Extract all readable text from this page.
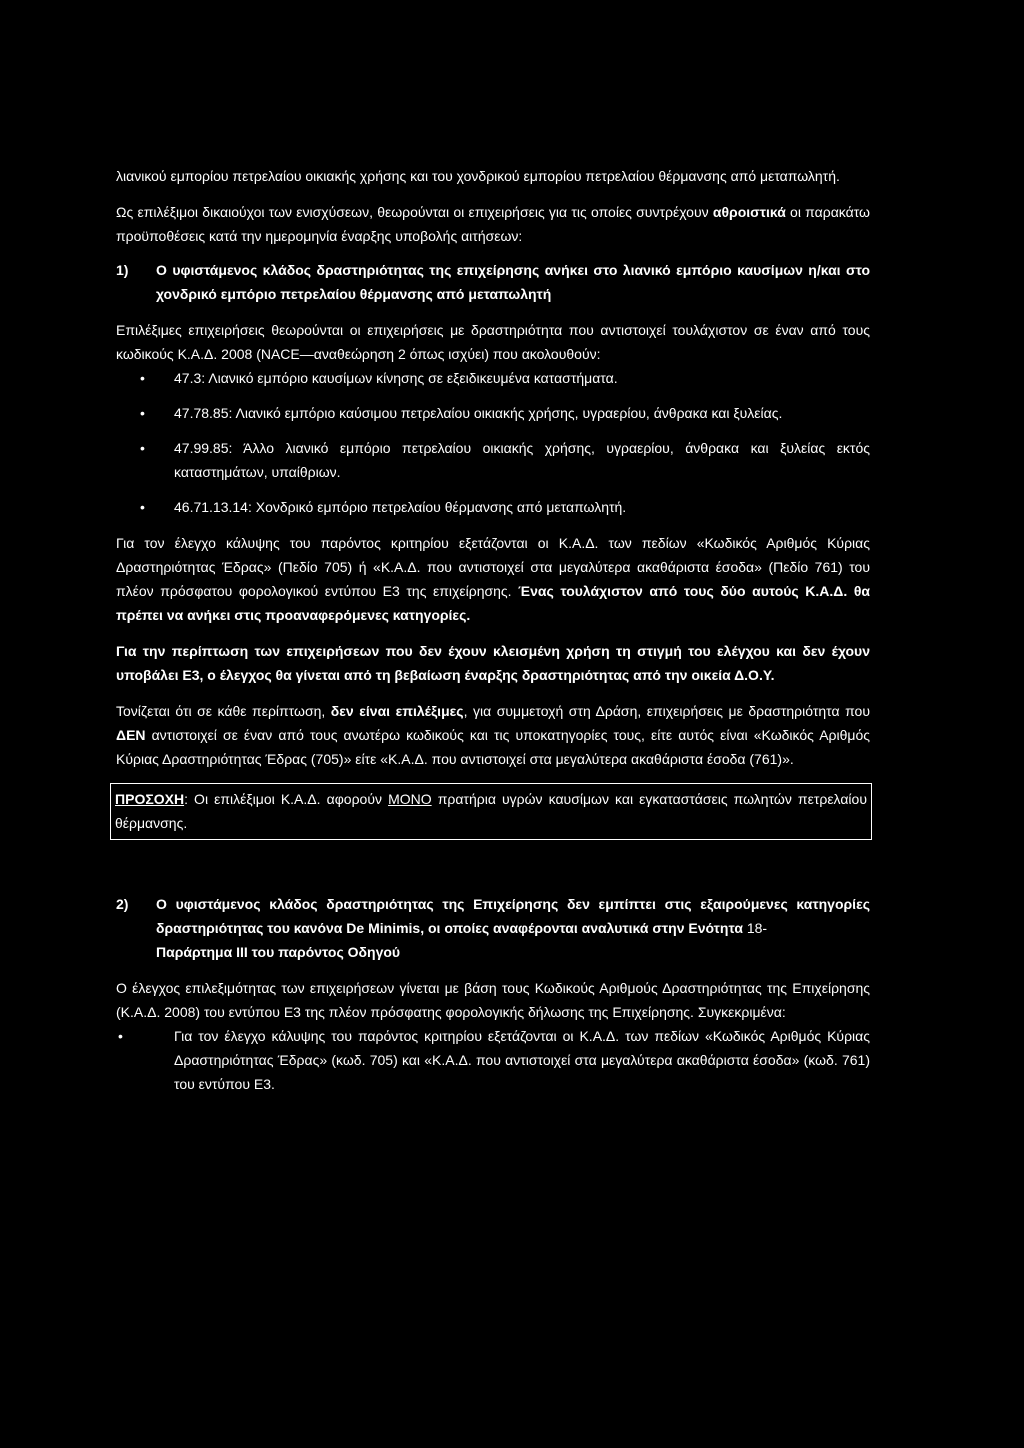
λιανικού εμπορίου πετρελαίου οικιακής χρήσης και του χονδρικού εμπορίου πετρελαίου θέρμανσης από μεταπωλητή.

Ως επιλέξιμοι δικαιούχοι των ενισχύσεων, θεωρούνται οι επιχειρήσεις για τις οποίες συντρέχουν αθροιστικά οι παρακάτω προϋποθέσεις κατά την ημερομηνία έναρξης υποβολής αιτήσεων:

1)	Ο υφιστάμενος κλάδος δραστηριότητας της επιχείρησης ανήκει στο λιανικό εμπόριο καυσίμων η/και στο χονδρικό εμπόριο πετρελαίου θέρμανσης από μεταπωλητή

Επιλέξιμες επιχειρήσεις θεωρούνται οι επιχειρήσεις με δραστηριότητα που αντιστοιχεί τουλάχιστον σε έναν από τους κωδικούς Κ.Α.Δ. 2008 (NACE—αναθεώρηση 2 όπως ισχύει) που ακολουθούν:

• 47.3: Λιανικό εμπόριο καυσίμων κίνησης σε εξειδικευμένα καταστήματα.
• 47.78.85: Λιανικό εμπόριο καύσιμου πετρελαίου οικιακής χρήσης, υγραερίου, άνθρακα και ξυλείας.
• 47.99.85: Άλλο λιανικό εμπόριο πετρελαίου οικιακής χρήσης, υγραερίου, άνθρακα και ξυλείας εκτός καταστημάτων, υπαίθριων.
• 46.71.13.14: Χονδρικό εμπόριο πετρελαίου θέρμανσης από μεταπωλητή.

Για τον έλεγχο κάλυψης του παρόντος κριτηρίου εξετάζονται οι Κ.Α.Δ. των πεδίων «Κωδικός Αριθμός Κύριας Δραστηριότητας Έδρας» (Πεδίο 705) ή «Κ.Α.Δ. που αντιστοιχεί στα μεγαλύτερα ακαθάριστα έσοδα» (Πεδίο 761) του πλέον πρόσφατου φορολογικού εντύπου Ε3 της επιχείρησης. Ένας τουλάχιστον από τους δύο αυτούς Κ.Α.Δ. θα πρέπει να ανήκει στις προαναφερόμενες κατηγορίες.

Για την περίπτωση των επιχειρήσεων που δεν έχουν κλεισμένη χρήση τη στιγμή του ελέγχου και δεν έχουν υποβάλει Ε3, ο έλεγχος θα γίνεται από τη βεβαίωση έναρξης δραστηριότητας από την οικεία Δ.Ο.Υ.

Τονίζεται ότι σε κάθε περίπτωση, δεν είναι επιλέξιμες, για συμμετοχή στη Δράση, επιχειρήσεις με δραστηριότητα που ΔΕΝ αντιστοιχεί σε έναν από τους ανωτέρω κωδικούς και τις υποκατηγορίες τους, είτε αυτός είναι «Κωδικός Αριθμός Κύριας Δραστηριότητας Έδρας (705)» είτε «Κ.Α.Δ. που αντιστοιχεί στα μεγαλύτερα ακαθάριστα έσοδα (761)».

ΠΡΟΣΟΧΗ: Οι επιλέξιμοι Κ.Α.Δ. αφορούν ΜΟΝΟ πρατήρια υγρών καυσίμων και εγκαταστάσεις πωλητών πετρελαίου θέρμανσης.

2)	Ο υφιστάμενος κλάδος δραστηριότητας της Επιχείρησης δεν εμπίπτει στις εξαιρούμενες κατηγορίες δραστηριότητας του κανόνα De Minimis, οι οποίες αναφέρονται αναλυτικά στην Ενότητα 18-
Παράρτημα ΙΙΙ του παρόντος Οδηγού

Ο έλεγχος επιλεξιμότητας των επιχειρήσεων γίνεται με βάση τους Κωδικούς Αριθμούς Δραστηριότητας της Επιχείρησης (Κ.Α.Δ. 2008) του εντύπου Ε3 της πλέον πρόσφατης φορολογικής δήλωσης της Επιχείρησης. Συγκεκριμένα:

• Για τον έλεγχο κάλυψης του παρόντος κριτηρίου εξετάζονται οι Κ.Α.Δ. των πεδίων «Κωδικός Αριθμός Κύριας Δραστηριότητας Έδρας» (κωδ. 705) και «Κ.Α.Δ. που αντιστοιχεί στα μεγαλύτερα ακαθάριστα έσοδα» (κωδ. 761) του εντύπου Ε3.
